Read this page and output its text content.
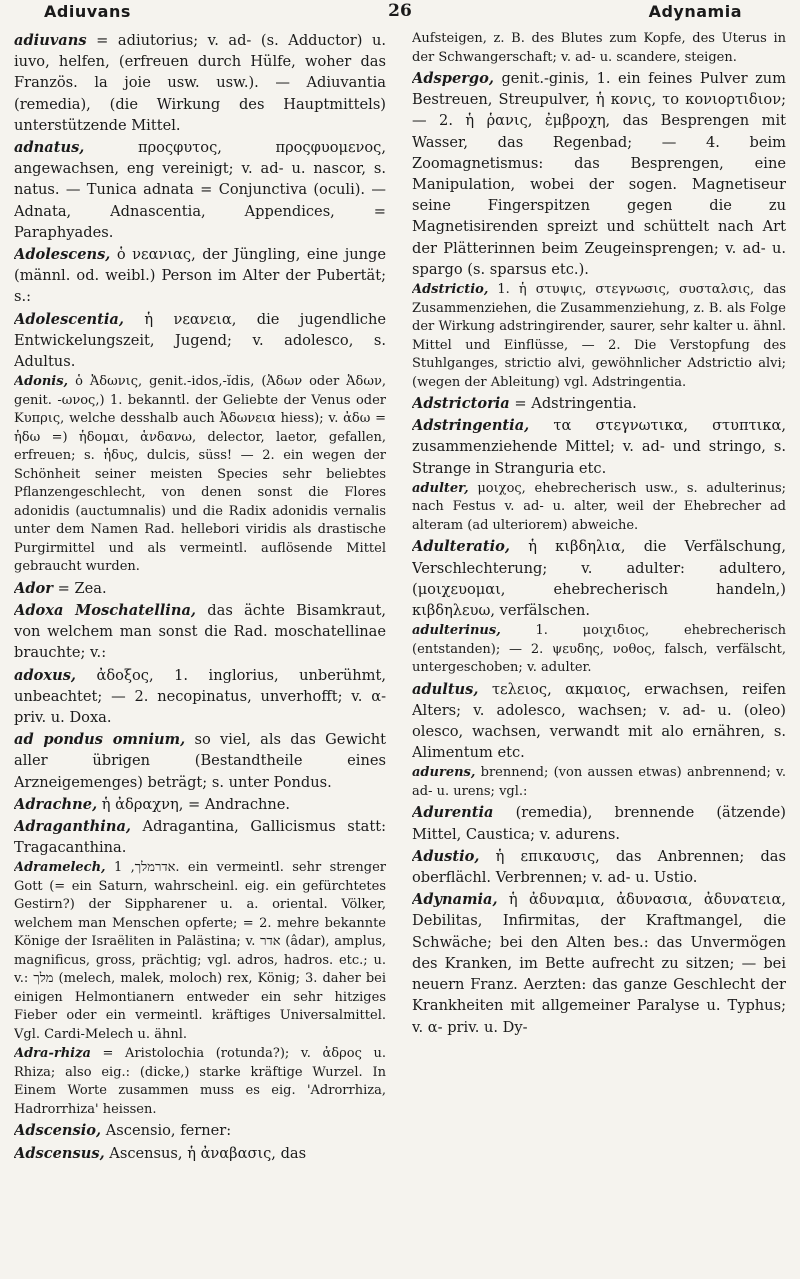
Adiuvans	26	Adynamia
adiuvans = adiutorius; v. ad- (s. Adductor) u. iuvo, helfen, (erfreuen durch Hülfe, woher das Französ. la joie usw. usw.). — Adiuvantia (remedia), (die Wirkung des Hauptmittels) unterstützende Mittel.
adnatus,	προςφυτος, προςφυομενος, angewachsen, eng vereinigt; v. ad- u. nascor, s. natus. — Tunica adnata = Conjunctiva (oculi). — Adnata, Adnascentia, Appendices, = Paraphyades.
Adolescens, ὁ νεανιας, der Jüngling, eine junge (männl. od. weibl.) Person im Alter der Pubertät; s.:
Adolescentia, ἡ νεανεια, die jugendliche Entwickelungszeit, Jugend; v. adolesco, s. Adultus.
Adonis, ὁ Ἀδωνις, genit.-idos,-ĭdis, (Ἀδων oder Ἀδων, genit. -ωνος,) 1. bekanntl. der Geliebte der Venus oder Κυπρις, welche desshalb auch Ἀδωνεια hiess); v. ἀδω = ἡδω =) ἡδομαι, ἁνδανω, delector, laetor, gefallen, erfreuen; s. ἡδυς, dulcis, süss! — 2. ein wegen der Schönheit seiner meisten Species sehr beliebtes Pflanzengeschlecht, von denen sonst die Flores adonidis (auctumnalis) und die Radix adonidis vernalis unter dem Namen Rad. hellebori viridis als drastische Purgirmittel und als vermeintl. auflösende Mittel gebraucht wurden.
Ador = Zea.
Adoxa Moschatellina, das ächte Bisamkraut, von welchem man sonst die Rad. moschatellinae brauchte; v.:
adoxus, ἀδοξος, 1. inglorius, unberühmt, unbeachtet; — 2. necopinatus, unverhofft; v. α- priv. u. Doxa.
ad pondus omnium, so viel, als das Gewicht aller übrigen (Bestandtheile eines Arzneigemenges) beträgt; s. unter Pondus.
Adrachne, ἡ ἀδραχνη, = Andrachne.
Adraganthina, Adragantina, Gallicismus statt: Tragacanthina.
Adramelech, אדרמלך, 1. ein vermeintl. sehr strenger Gott (= ein Saturn, wahrscheinl. eig. ein gefürchtetes Gestirn?) der Sippharener u. a. oriental. Völker, welchem man Menschen opferte; = 2. mehre bekannte Könige der Israëliten in Palästina; v. אדר (âdar), amplus, magnificus, gross, prächtig; vgl. adros, hadros. etc.; u. v.: מלך (melech, malek, moloch) rex, König; 3. daher bei einigen Helmontianern entweder ein sehr hitziges Fieber oder ein vermeintl. kräftiges Universalmittel. Vgl. Cardi-Melech u. ähnl.
Adra-rhiza = Aristolochia (rotunda?); v. ἀδρος u. Rhiza; also eig.: (dicke,) starke kräftige Wurzel. In Einem Worte zusammen muss es eig. 'Adrorrhiza, Hadrorrhiza' heissen.
Adscensio, Ascensio, ferner:
Adscensus, Ascensus, ἡ ἀναβασις, das
Aufsteigen, z. B. des Blutes zum Kopfe, des Uterus in der Schwangerschaft; v. ad- u. scandere, steigen.
Adspergo, genit.-ginis, 1. ein feines Pulver zum Bestreuen, Streupulver, ἡ κονις, το κονιορτιδιον; — 2. ἡ ῥανις, ἐμβροχη, das Besprengen mit Wasser, das Regenbad; — 4. beim Zoomagnetismus: das Besprengen, eine Manipulation, wobei der sogen. Magnetiseur seine Fingerspitzen gegen die zu Magnetisirenden spreizt und schüttelt nach Art der Plätterinnen beim Zeugeinsprengen; v. ad- u. spargo (s. sparsus etc.).
Adstrictio, 1. ἡ στυψις, στεγνωσις, συσταλσις, das Zusammenziehen, die Zusammenziehung, z. B. als Folge der Wirkung adstringirender, saurer, sehr kalter u. ähnl. Mittel und Einflüsse, — 2. Die Verstopfung des Stuhlganges, strictio alvi, gewöhnlicher Adstrictio alvi; (wegen der Ableitung) vgl. Adstringentia.
Adstrictoria = Adstringentia.
Adstringentia, τα στεγνωτικα, στυπτικα, zusammenziehende Mittel; v. ad- und stringo, s. Strange in Stranguria etc.
adulter, μοιχος, ehebrecherisch usw., s. adulterinus; nach Festus v. ad- u. alter, weil der Ehebrecher ad alteram (ad ulteriorem) abweiche.
Adulteratio, ἡ κιβδηλια, die Verfälschung, Verschlechterung; v. adulter: adultero, (μοιχευομαι, ehebrecherisch handeln,) κιβδηλευω, verfälschen.
adulterinus,	1. μοιχιδιος, ehebrecherisch (entstanden); — 2. ψευδης, νοθος, falsch, verfälscht, untergeschoben; v. adulter.
adultus, τελειος, ακμαιος, erwachsen, reifen Alters; v. adolesco, wachsen; v. ad- u. (oleo) olesco, wachsen, verwandt mit alo ernähren, s. Alimentum etc.
adurens, brennend; (von aussen etwas) anbrennend; v. ad- u. urens; vgl.:
Adurentia (remedia), brennende (ätzende) Mittel, Caustica; v. adurens.
Adustio, ἡ επικαυσις, das Anbrennen; das oberflächl. Verbrennen; v. ad- u. Ustio.
Adynamia, ἡ ἀδυναμια, ἀδυνασια, ἀδυνατεια, Debilitas, Infirmitas, der Kraftmangel, die Schwäche; bei den Alten bes.: das Unvermögen des Kranken, im Bette aufrecht zu sitzen; — bei neuern Franz. Aerzten: das ganze Geschlecht der Krankheiten mit allgemeiner Paralyse u. Typhus; v. α- priv. u. Dy-
